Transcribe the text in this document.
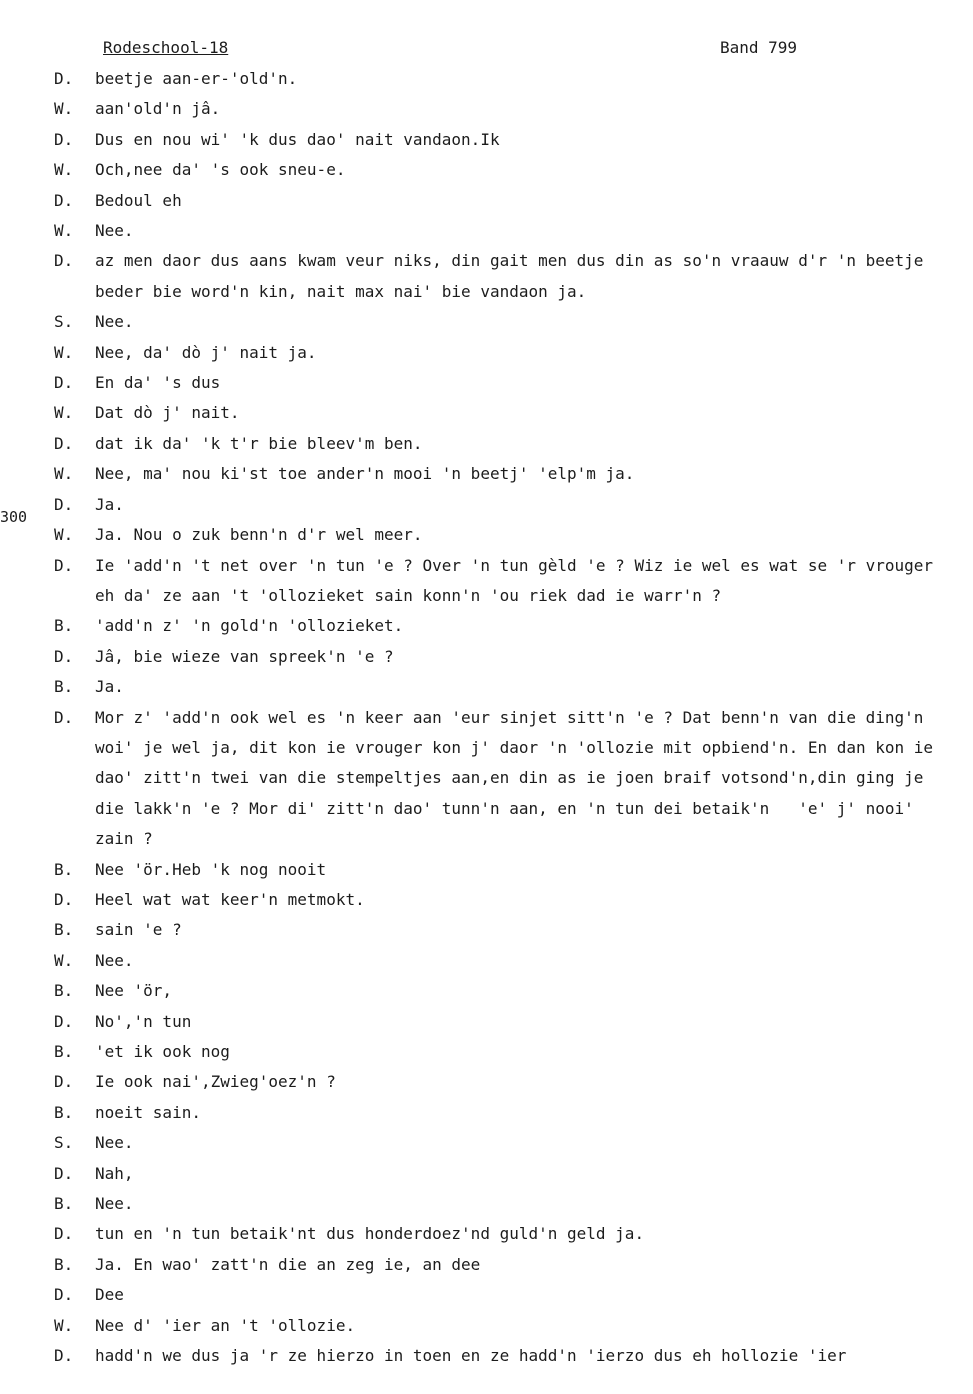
Rodeschool-18	Band 799
300
D.	beetje aan-er-'old'n.
W.	aan'old'n jâ.
D.	Dus en nou wi' 'k dus dao' nait vandaon.Ik
W.	Och,nee da' 's ook sneu-e.
D.	Bedoul eh
W.	Nee.
D.	az men daor dus aans kwam veur niks, din gait men dus din as so'n vraauw d'r 'n beetje beder bie word'n kin, nait max nai' bie vandaon ja.
S.	Nee.
W.	Nee, da' dò j' nait ja.
D.	En da' 's dus
W.	Dat dò j' nait.
D.	dat ik da' 'k t'r bie bleev'm ben.
W.	Nee, ma' nou ki'st toe ander'n mooi 'n beetj' 'elp'm ja.
D.	Ja.
W.	Ja. Nou o zuk benn'n d'r wel meer.
D.	Ie 'add'n 't net over 'n tun 'e ? Over 'n tun gèld 'e ? Wiz ie wel es wat se 'r vrouger eh da' ze aan 't 'ollozieket sain konn'n 'ou riek dad ie warr'n ?
B.	'add'n z' 'n gold'n 'ollozieket.
D.	Jâ, bie wieze van spreek'n 'e ?
B.	Ja.
D.	Mor z' 'add'n ook wel es 'n keer aan 'eur sinjet sitt'n 'e ? Dat benn'n van die ding'n woi' je wel ja, dit kon ie vrouger kon j' daor 'n 'ollozie mit opbiend'n. En dan kon ie dao' zitt'n twei van die stempeltjes aan,en din as ie joen braif votsond'n,din ging je die lakk'n 'e ? Mor di' zitt'n dao' tunn'n aan, en 'n tun dei betaik'n   'e' j' nooi' zain ?
B.	Nee 'ör.Heb 'k nog nooit
D.	Heel wat wat keer'n metmokt.
B.	sain 'e ?
W.	Nee.
B.	Nee 'ör,
D.	No','n tun
B.	'et ik ook nog
D.	Ie ook nai',Zwieg'oez'n ?
B.	noeit sain.
S.	Nee.
D.	Nah,
B.	Nee.
D.	tun en 'n tun betaik'nt dus honderdoez'nd guld'n geld ja.
B.	Ja. En wao' zatt'n die an zeg ie, an dee
D.	Dee
W.	Nee d' 'ier an 't 'ollozie.
D.	hadd'n we dus ja 'r ze hierzo in toen en ze hadd'n 'ierzo dus eh hollozie 'ier
